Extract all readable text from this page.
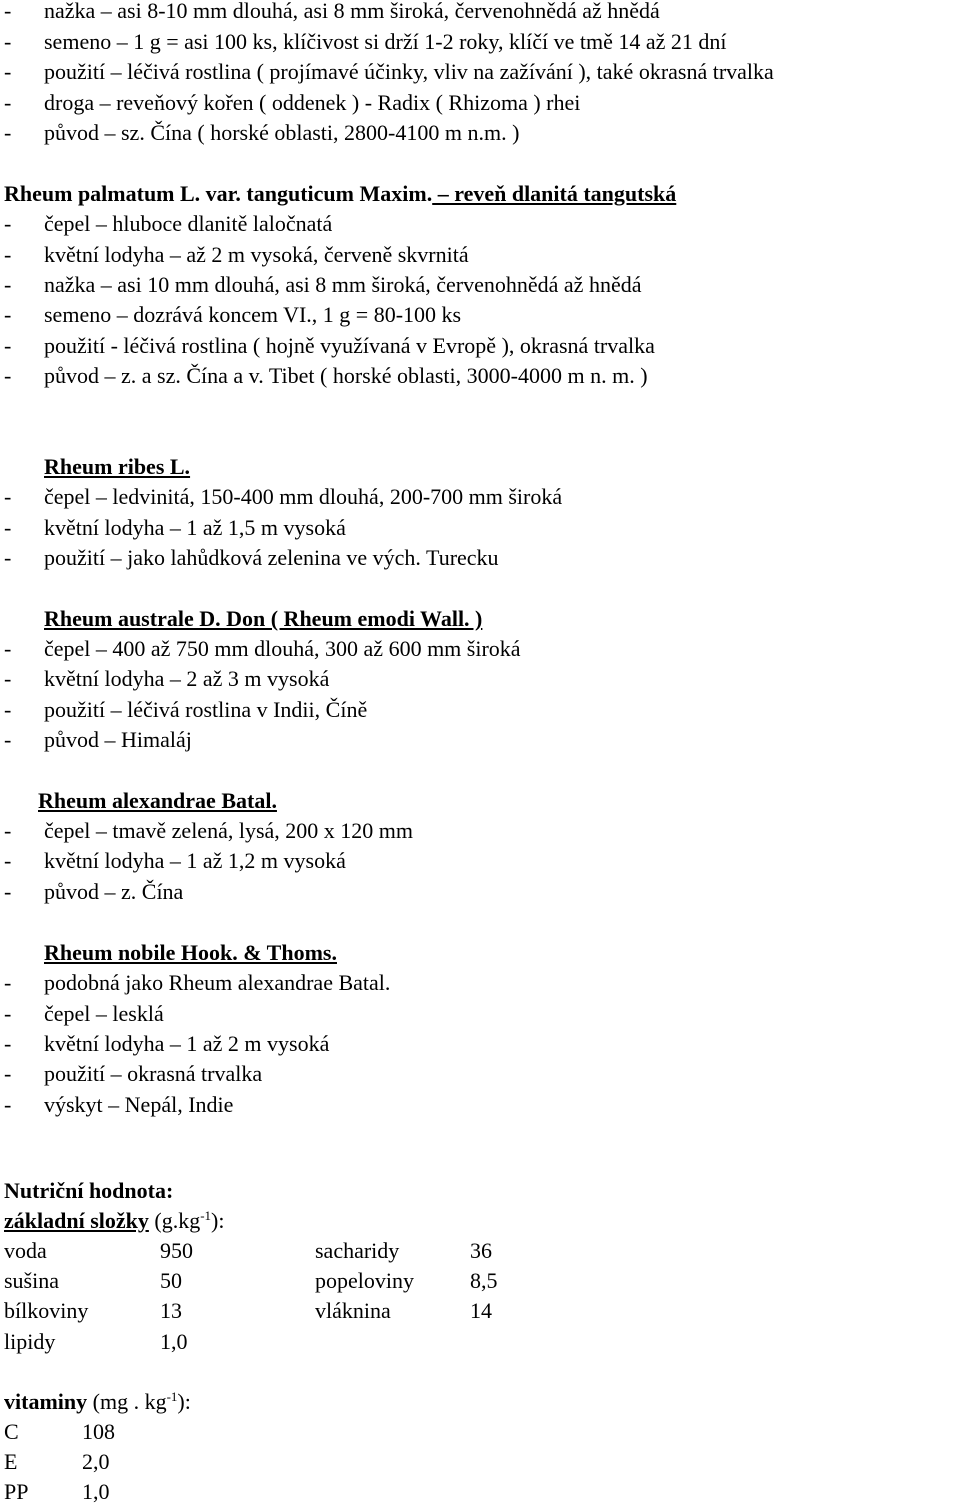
- nažka – asi 8-10 mm dlouhá, asi 8 mm široká, červenohnědá až hnědá
- semeno – 1 g = asi 100 ks, klíčivost si drží 1-2 roky, klíčí ve tmě 14 až 21 dní
- použití – léčivá rostlina ( projímavé účinky, vliv na zažívání ), také okrasná trvalka
- droga – reveňový kořen ( oddenek ) - Radix ( Rhizoma ) rhei
- původ – sz. Čína ( horské oblasti, 2800-4100 m n.m. )
Rheum palmatum L. var. tanguticum Maxim. – reveň dlanitá tangutská
- čepel – hluboce dlanitě laločnatá
- květní lodyha – až 2 m vysoká, červeně skvrnitá
- nažka – asi 10 mm dlouhá, asi 8 mm široká, červenohnědá až hnědá
- semeno – dozrává koncem VI., 1 g = 80-100 ks
- použití - léčivá rostlina ( hojně využívaná v Evropě ), okrasná trvalka
- původ – z. a sz. Čína a v. Tibet ( horské oblasti, 3000-4000 m n. m. )
Rheum ribes L.
- čepel – ledvinitá, 150-400 mm dlouhá, 200-700 mm široká
- květní lodyha – 1 až 1,5 m vysoká
- použití – jako lahůdková zelenina ve vých. Turecku
Rheum australe D. Don ( Rheum emodi Wall. )
- čepel – 400 až 750 mm dlouhá, 300 až 600 mm široká
- květní lodyha – 2 až 3 m vysoká
- použití – léčivá rostlina v Indii, Číně
- původ – Himaláj
Rheum alexandrae Batal.
- čepel – tmavě zelená, lysá, 200 x 120 mm
- květní lodyha – 1 až 1,2 m vysoká
- původ – z. Čína
Rheum nobile Hook. & Thoms.
- podobná jako Rheum alexandrae Batal.
- čepel – lesklá
- květní lodyha – 1 až 2 m vysoká
- použití – okrasná trvalka
- výskyt – Nepál, Indie
Nutriční hodnota:
základní složky $(g.kg^{-1})$:
voda	950	sacharidy	36
sušina	50	popeloviny	8,5
bílkoviny	13	vláknina	14
lipidy	1,0
vitaminy (mg . $kg^{-1}$):
C	108
E	2,0
PP 1,0
